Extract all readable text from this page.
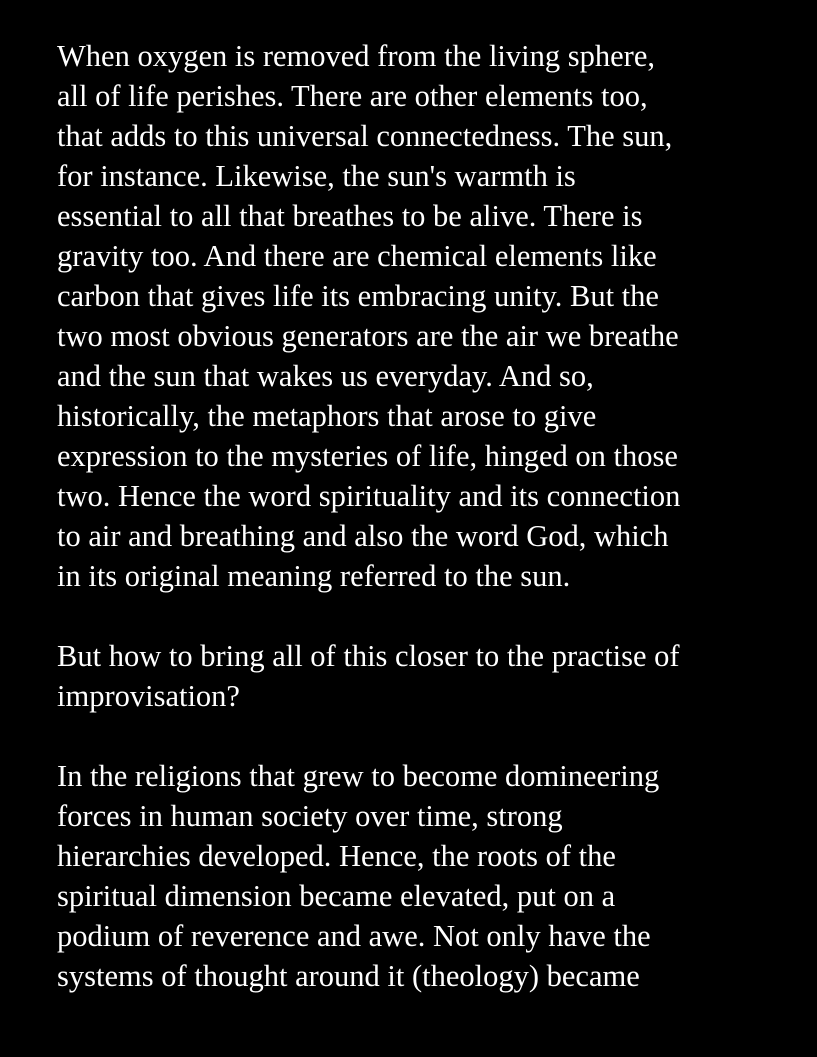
When oxygen is removed from the living sphere,
all of life perishes. There are other elements too,
that adds to this universal connectedness. The sun,
for instance. Likewise, the sun's warmth is
essential to all that breathes to be alive. There is
gravity too. And there are chemical elements like
carbon that gives life its embracing unity. But the
two most obvious generators are the air we breathe
and the sun that wakes us everyday. And so,
historically, the metaphors that arose to give
expression to the mysteries of life, hinged on those
two. Hence the word spirituality and its connection
to air and breathing and also the word God, which
in its original meaning referred to the sun.
But how to bring all of this closer to the practise of
improvisation?
In the religions that grew to become domineering
forces in human society over time, strong
hierarchies developed. Hence, the roots of the
spiritual dimension became elevated, put on a
podium of reverence and awe. Not only have the
systems of thought around it (theology) became
